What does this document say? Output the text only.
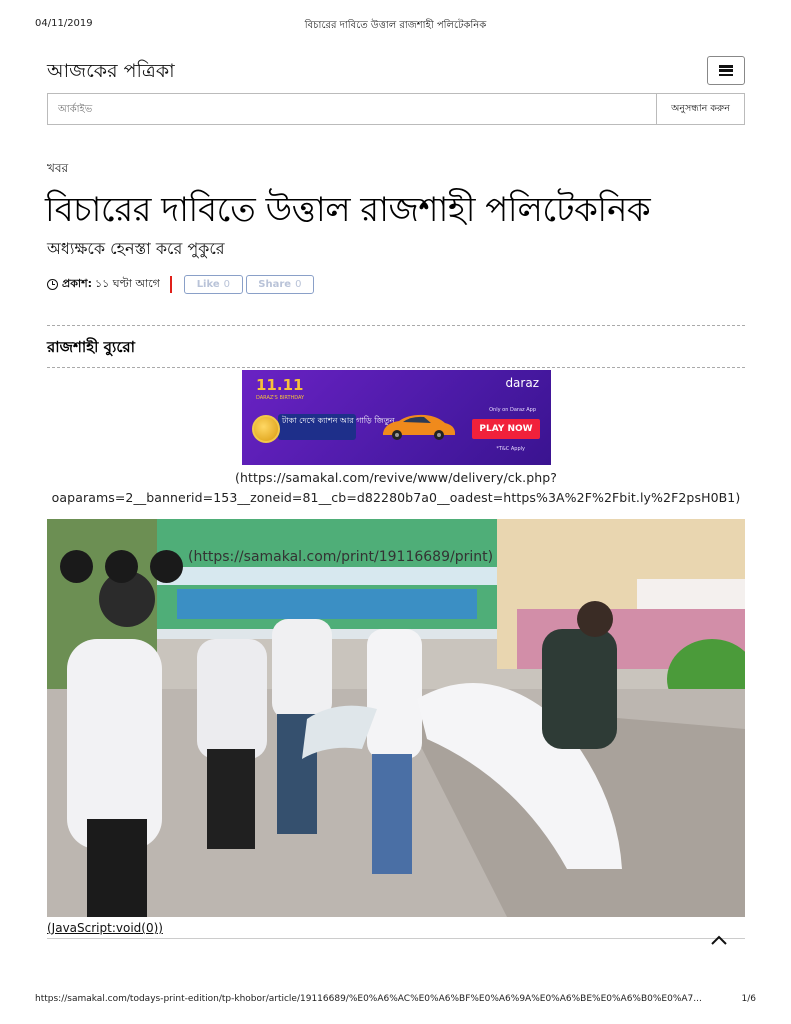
04/11/2019	বিচারের দাবিতে উত্তাল রাজশাহী পলিটেকনিক
আজকের পত্রিকা
আর্কাইভ
অনুসন্ধান করুন
খবর
বিচারের দাবিতে উত্তাল রাজশাহী পলিটেকনিক
অধ্যক্ষকে হেনস্তা করে পুকুরে
প্রকাশ: ১১ ঘণ্টা আগে	Like 0	Share 0
রাজশাহী ব্যুরো
11.11
DARAZ'S BIRTHDAY
daraz
টাকা দেখে ক্যাশন আর গাড়ি জিতুন
Only on Daraz App
PLAY NOW
*T&C Apply
(https://samakal.com/revive/www/delivery/ck.php?
oaparams=2__bannerid=153__zoneid=81__cb=d82280b7a0__oadest=https%3A%2F%2Fbit.ly%2F2psH0B1)
(https://samakal.com/print/19116689/print)
(JavaScript:void(0))
https://samakal.com/todays-print-edition/tp-khobor/article/19116689/%E0%A6%AC%E0%A6%BF%E0%A6%9A%E0%A6%BE%E0%A6%B0%E0%A7...	1/6
